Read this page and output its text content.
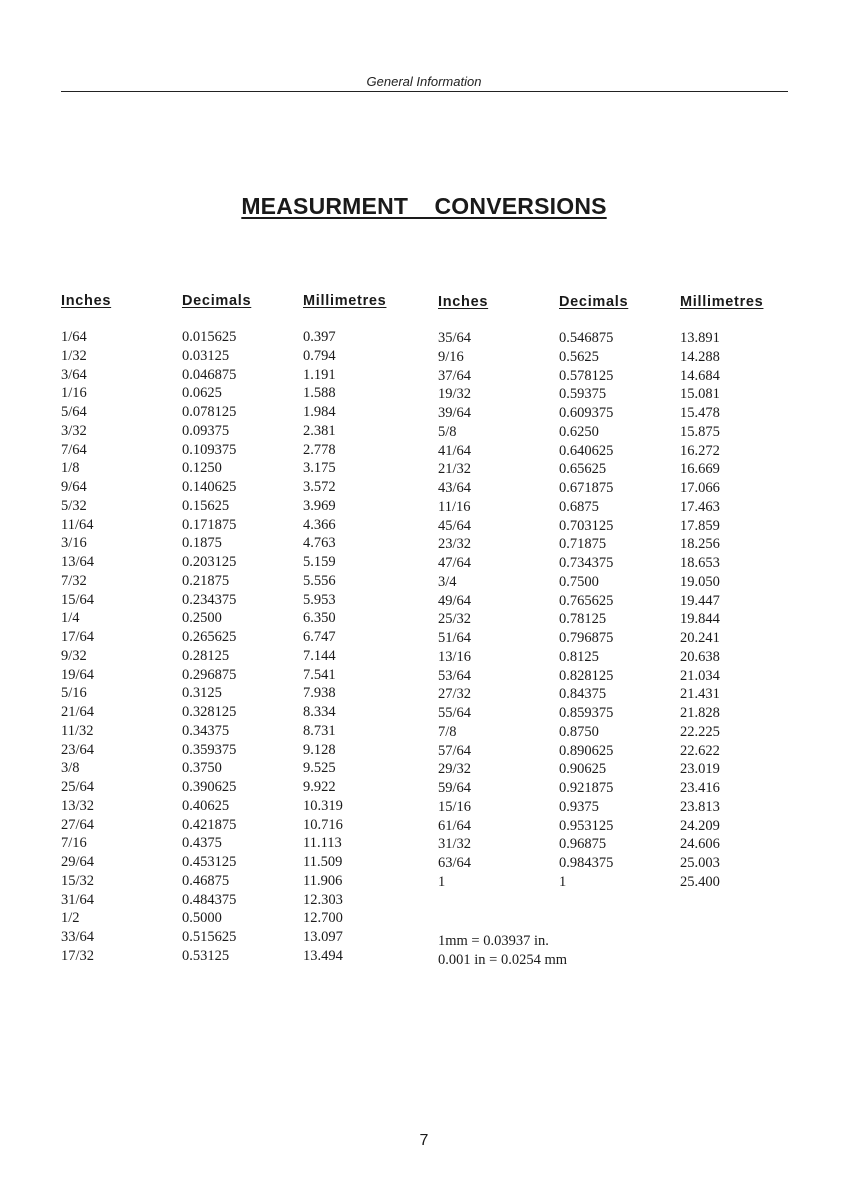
General Information
MEASURMENT    CONVERSIONS
Inches
1/64
1/32
3/64
1/16
5/64
3/32
7/64
1/8
9/64
5/32
11/64
3/16
13/64
7/32
15/64
1/4
17/64
9/32
19/64
5/16
21/64
11/32
23/64
3/8
25/64
13/32
27/64
7/16
29/64
15/32
31/64
1/2
33/64
17/32
Decimals
0.015625
0.03125
0.046875
0.0625
0.078125
0.09375
0.109375
0.1250
0.140625
0.15625
0.171875
0.1875
0.203125
0.21875
0.234375
0.2500
0.265625
0.28125
0.296875
0.3125
0.328125
0.34375
0.359375
0.3750
0.390625
0.40625
0.421875
0.4375
0.453125
0.46875
0.484375
0.5000
0.515625
0.53125
Millimetres
0.397
0.794
1.191
1.588
1.984
2.381
2.778
3.175
3.572
3.969
4.366
4.763
5.159
5.556
5.953
6.350
6.747
7.144
7.541
7.938
8.334
8.731
9.128
9.525
9.922
10.319
10.716
11.113
11.509
11.906
12.303
12.700
13.097
13.494
Inches
35/64
9/16
37/64
19/32
39/64
5/8
41/64
21/32
43/64
11/16
45/64
23/32
47/64
3/4
49/64
25/32
51/64
13/16
53/64
27/32
55/64
7/8
57/64
29/32
59/64
15/16
61/64
31/32
63/64
1
Decimals
0.546875
0.5625
0.578125
0.59375
0.609375
0.6250
0.640625
0.65625
0.671875
0.6875
0.703125
0.71875
0.734375
0.7500
0.765625
0.78125
0.796875
0.8125
0.828125
0.84375
0.859375
0.8750
0.890625
0.90625
0.921875
0.9375
0.953125
0.96875
0.984375
1
Millimetres
13.891
14.288
14.684
15.081
15.478
15.875
16.272
16.669
17.066
17.463
17.859
18.256
18.653
19.050
19.447
19.844
20.241
20.638
21.034
21.431
21.828
22.225
22.622
23.019
23.416
23.813
24.209
24.606
25.003
25.400
1mm = 0.03937 in.
0.001 in = 0.0254 mm
7
